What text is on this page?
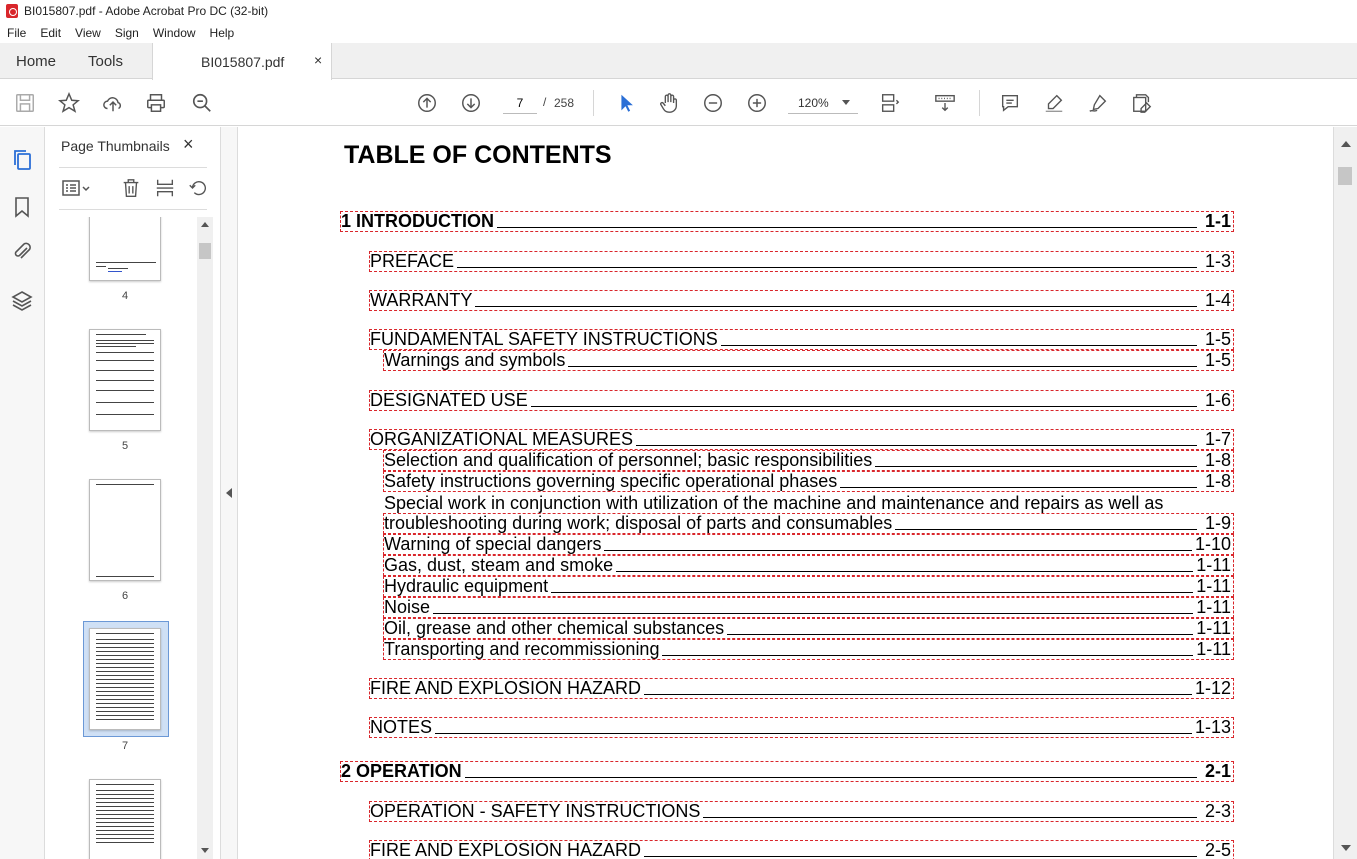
BI015807.pdf - Adobe Acrobat Pro DC (32-bit)
File	Edit	View	Sign	Window	Help
Home Tools	BI015807.pdf ×
7
/ 258	120%
Page Thumbnails ×
4
5
6
7
TABLE OF CONTENTS
1 INTRODUCTION	1-1
PREFACE	1-3
WARRANTY	1-4
FUNDAMENTAL SAFETY INSTRUCTIONS	1-5
Warnings and symbols	1-5
DESIGNATED USE	1-6
ORGANIZATIONAL MEASURES	1-7
Selection and qualification of personnel; basic responsibilities	1-8
Safety instructions governing specific operational phases	1-8
Special work in conjunction with utilization of the machine and maintenance and repairs as well as
troubleshooting during work; disposal of parts and consumables	1-9
Warning of special dangers	1-10
Gas, dust, steam and smoke	1-11
Hydraulic equipment	1-11
Noise	1-11
Oil, grease and other chemical substances	1-11
Transporting and recommissioning	1-11
FIRE AND EXPLOSION HAZARD	1-12
NOTES	1-13
2 OPERATION	2-1
OPERATION - SAFETY INSTRUCTIONS	2-3
FIRE AND EXPLOSION HAZARD	2-5
